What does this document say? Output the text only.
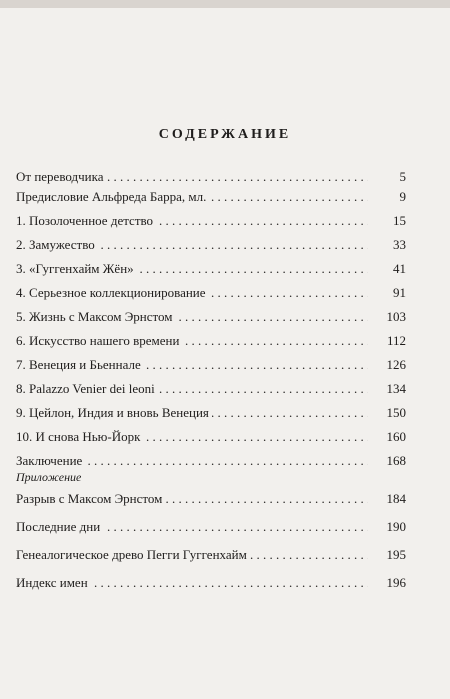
СОДЕРЖАНИЕ
. . .
От переводчика	5
. . .
Предисловие Альфреда Барра, мл.	9
. . .
1. Позолоченное детство	15
. . .
2. Замужество	33
. . .
3. «Гуггенхайм Жён»	41
. . .
4. Серьезное коллекционирование	91
. . .
5. Жизнь с Максом Эрнстом	103
. . .
6. Искусство нашего времени	112
. . .
7. Венеция и Бьеннале	126
. . .
8. Palazzo Venier dei leoni	134
. . .
9. Цейлон, Индия и вновь Венеция	150
. . .
10. И снова Нью-Йорк	160
. . .
Заключение	168
Приложение
. . .
Разрыв с Максом Эрнстом	184
. . .
Последние дни	190
. . .
Генеалогическое древо Пегги Гуггенхайм	195
. . .
Индекс имен	196
